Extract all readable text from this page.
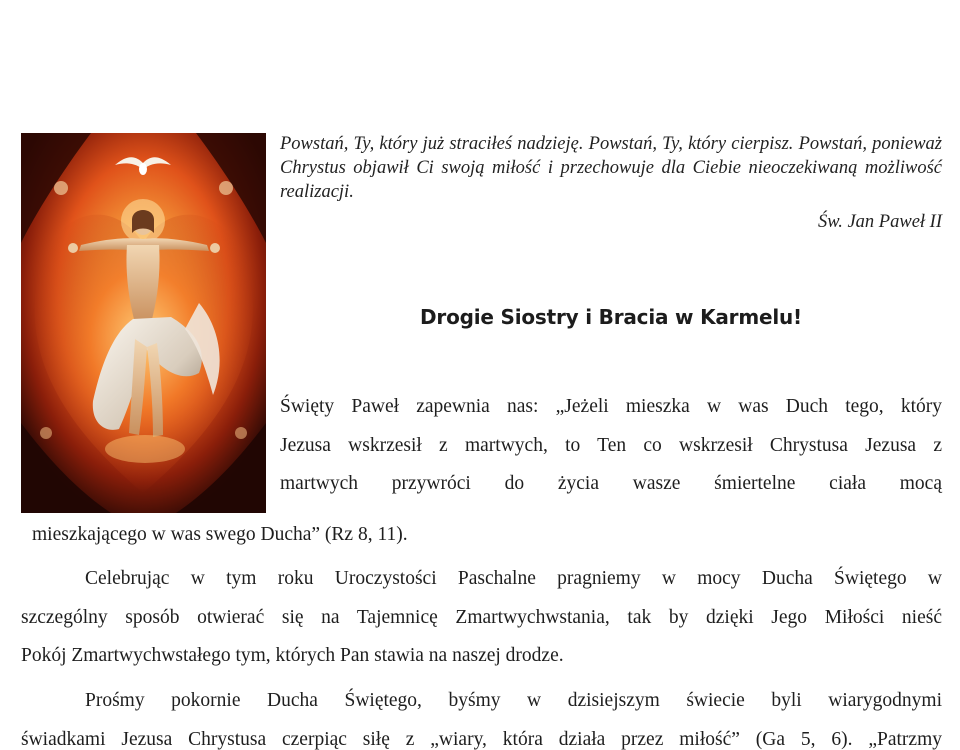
Powstań, Ty, który już straciłeś nadzieję. Powstań, Ty, który cierpisz. Powstań, ponieważ Chrystus objawił Ci swoją miłość i przechowuje dla Ciebie nieoczekiwaną możliwość realizacji.
Św. Jan Paweł II
Drogie Siostry i Bracia w Karmelu!
Święty Paweł zapewnia nas: „Jeżeli mieszka w was Duch tego, który
Jezusa wskrzesił z martwych, to Ten co wskrzesił Chrystusa Jezusa z
martwych przywróci do życia wasze śmiertelne ciała mocą
mieszkającego w was swego Ducha” (Rz 8, 11).
Celebrując w tym roku Uroczystości Paschalne pragniemy w mocy Ducha Świętego w
szczególny sposób otwierać się na Tajemnicę Zmartwychwstania, tak by dzięki Jego Miłości nieść
Pokój Zmartwychwstałego tym, których Pan stawia na naszej drodze.
Prośmy pokornie Ducha Świętego, byśmy w dzisiejszym świecie byli wiarygodnymi
świadkami Jezusa Chrystusa czerpiąc siłę z „wiary, która działa przez miłość” (Ga 5, 6). „Patrzmy
